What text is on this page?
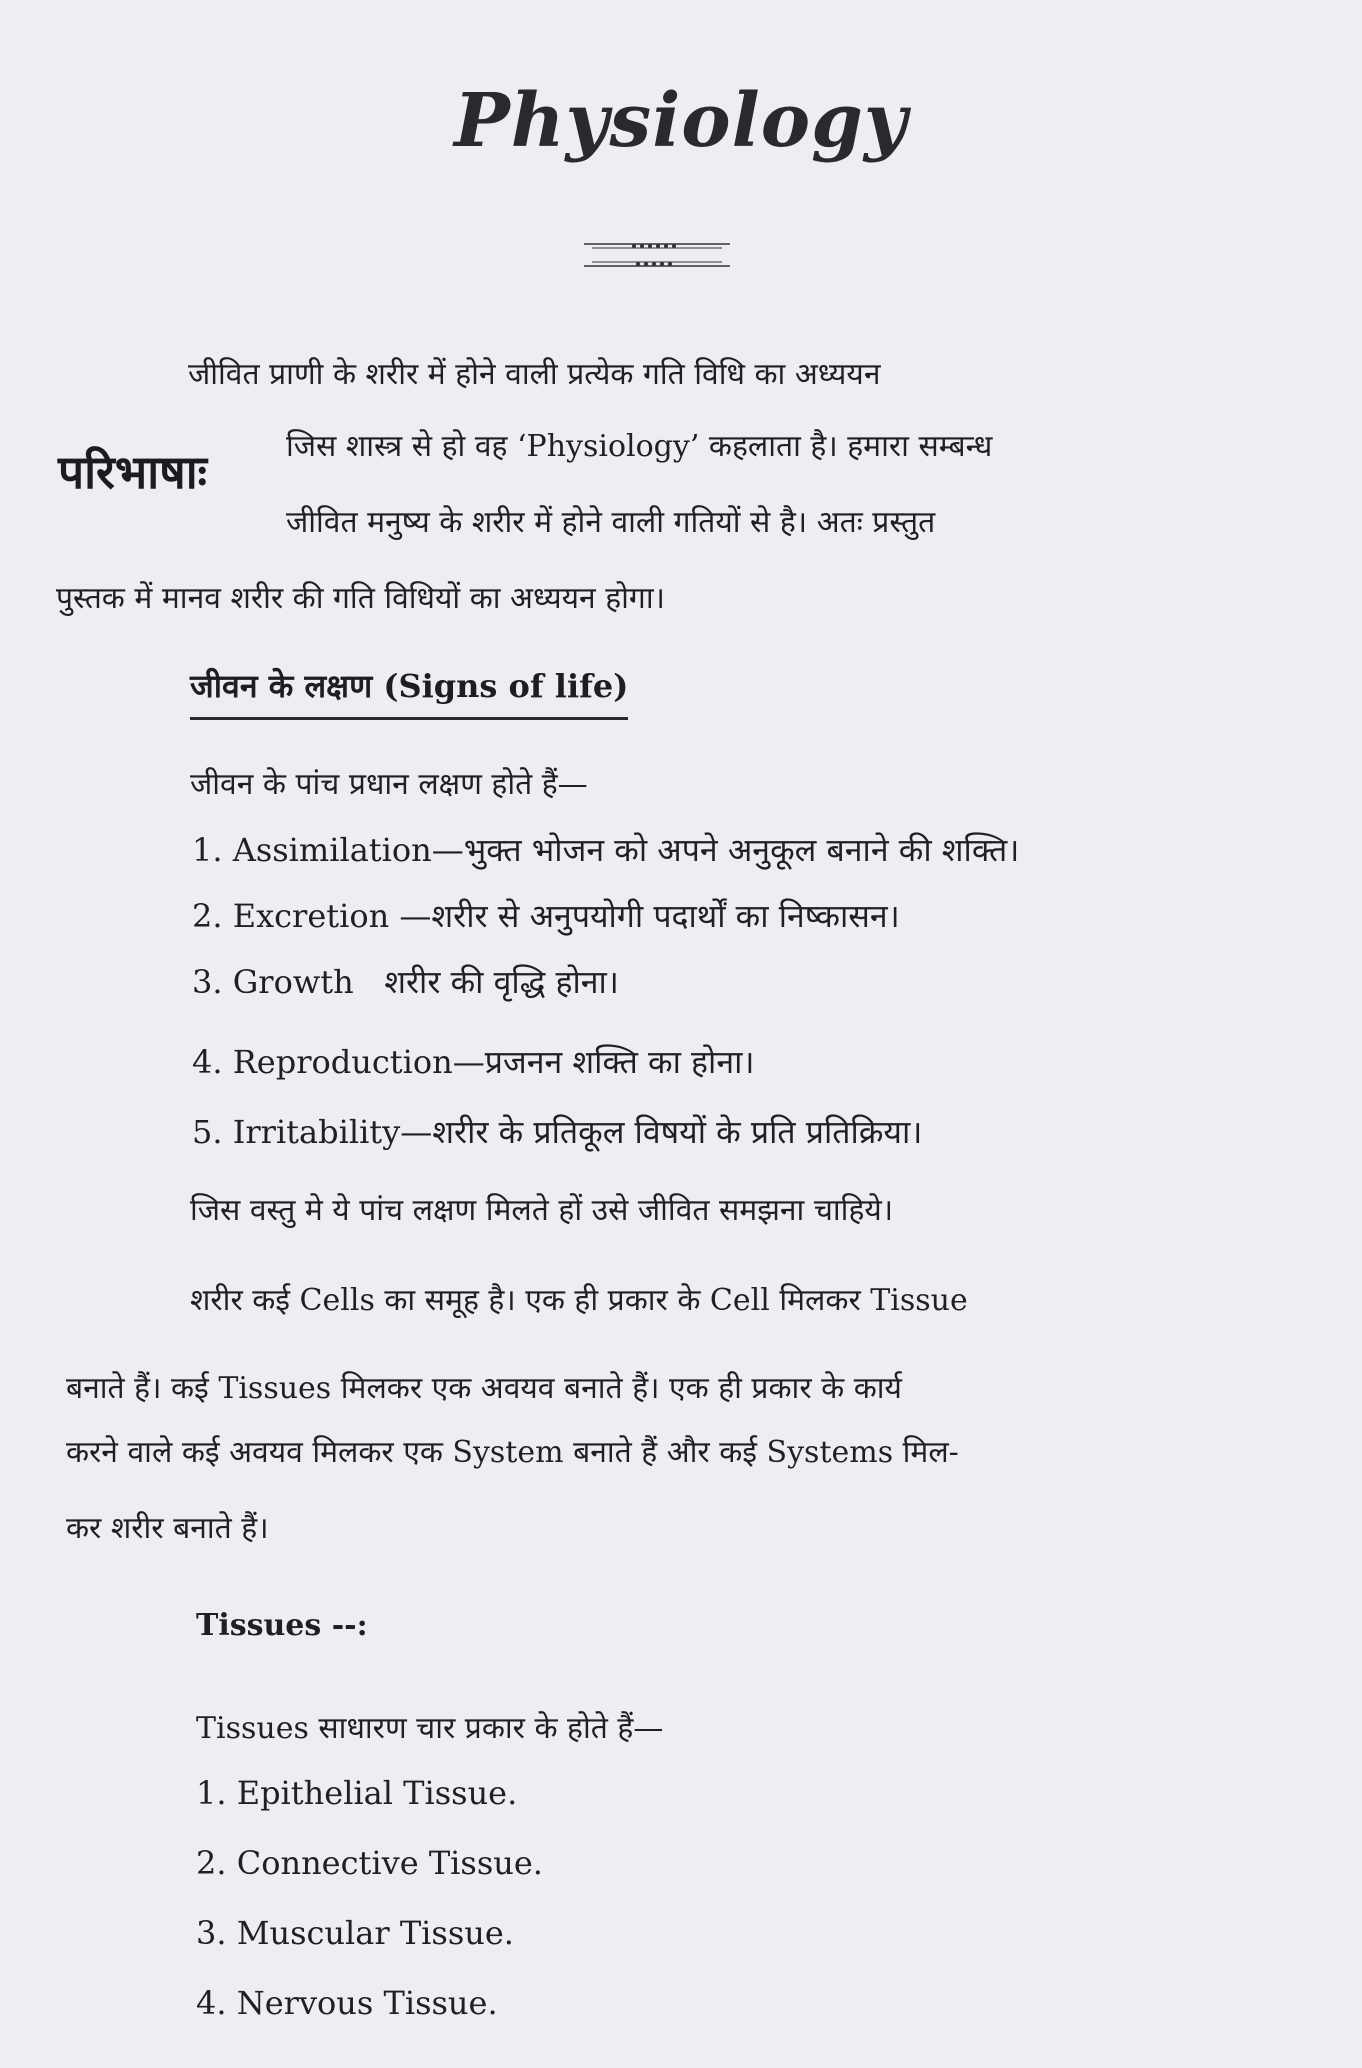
Physiology
जीवित प्राणी के शरीर में होने वाली प्रत्येक गति विधि का अध्ययन
परिभाषाः	जिस शास्त्र से हो वह ‘Physiology’ कहलाता है। हमारा सम्बन्ध
जीवित मनुष्य के शरीर में होने वाली गतियों से है। अतः प्रस्तुत
पुस्तक में मानव शरीर की गति विधियों का अध्ययन होगा।
जीवन के लक्षण (Signs of life)
जीवन के पांच प्रधान लक्षण होते हैं—
1. Assimilation—भुक्त भोजन को अपने अनुकूल बनाने की शक्ति।
2. Excretion —शरीर से अनुपयोगी पदार्थों का निष्कासन।
3. Growth शरीर की वृद्धि होना।
4. Reproduction—प्रजनन शक्ति का होना।
5. Irritability—शरीर के प्रतिकूल विषयों के प्रति प्रतिक्रिया।
जिस वस्तु मे ये पांच लक्षण मिलते हों उसे जीवित समझना चाहिये।
शरीर कई Cells का समूह है। एक ही प्रकार के Cell मिलकर Tissue
बनाते हैं। कई Tissues मिलकर एक अवयव बनाते हैं। एक ही प्रकार के कार्य
करने वाले कई अवयव मिलकर एक System बनाते हैं और कई Systems मिल-
कर शरीर बनाते हैं।
Tissues --:
Tissues साधारण चार प्रकार के होते हैं—
1. Epithelial Tissue.
2. Connective Tissue.
3. Muscular Tissue.
4. Nervous Tissue.
